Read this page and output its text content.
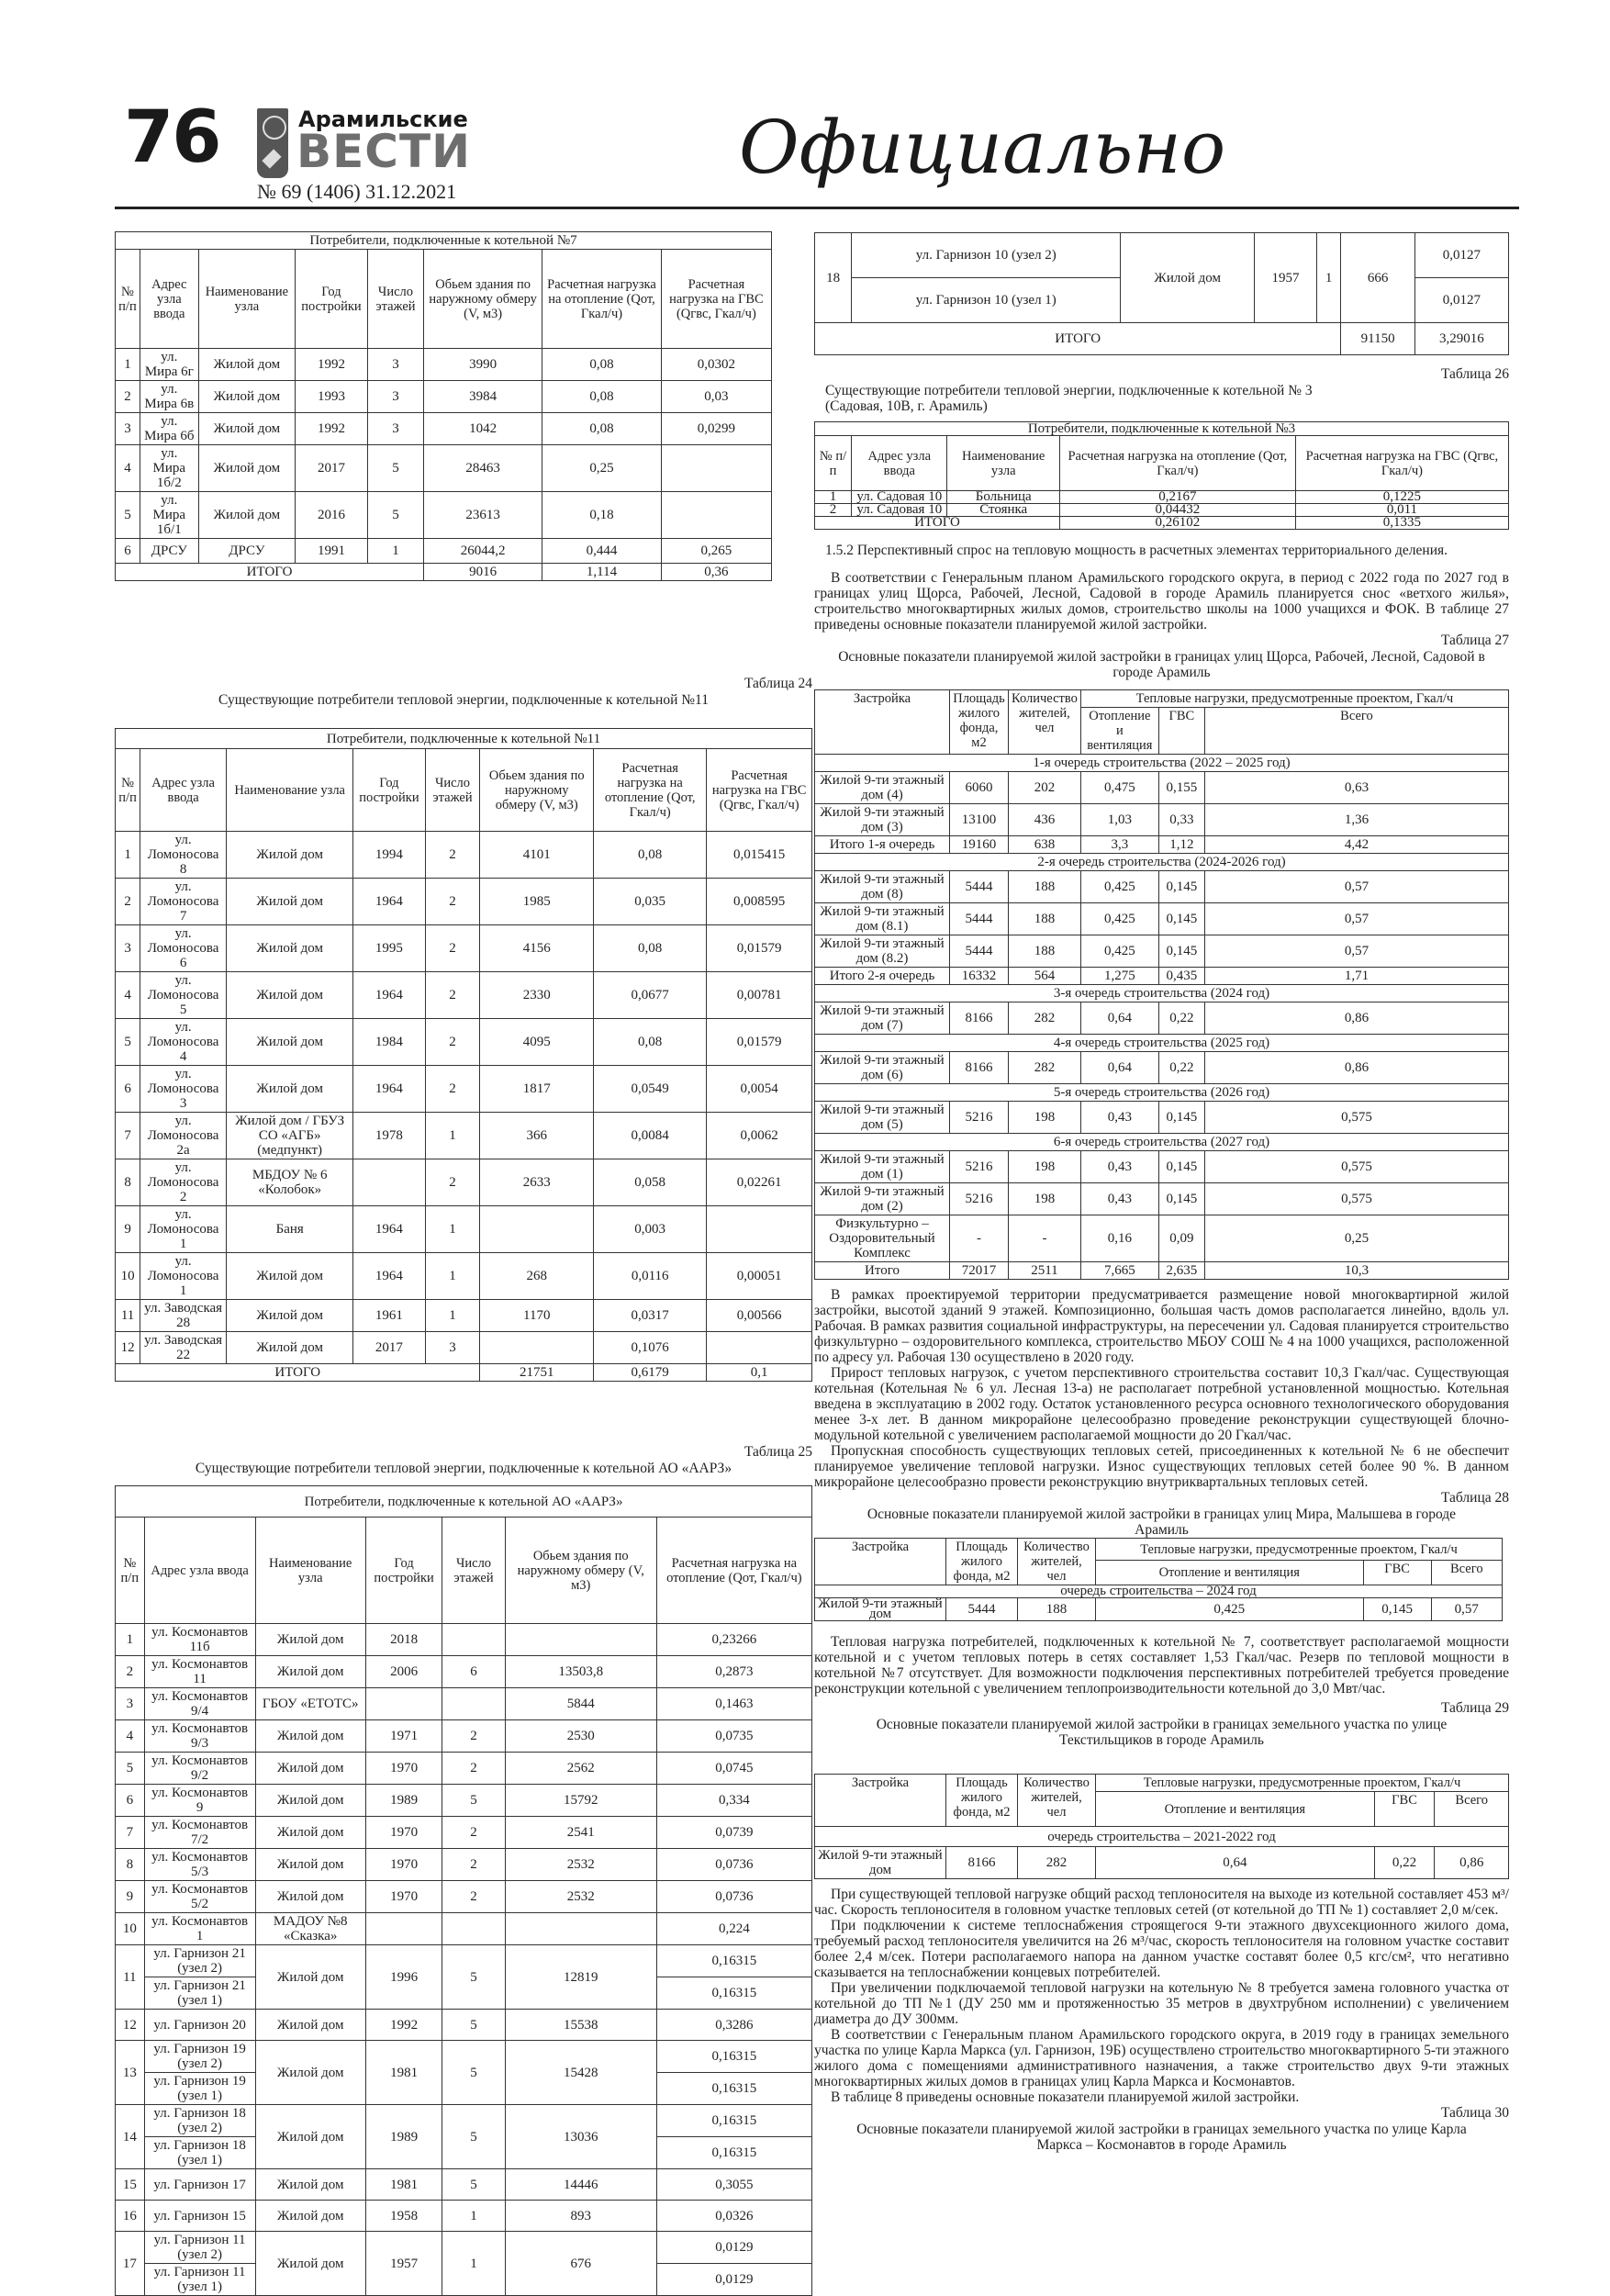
76	Арамильские
ВЕСТИ
№ 69 (1406) 31.12.2021
Официально
Потребители, подключенные к котельной №7							
№ п/п	Адрес узла ввода	Наименование узла	Год постройки	Число этажей	Обьем здания по наружному обмеру (V, м3)	Расчетная нагрузка на отопление (Qот, Гкал/ч)	Расчетная нагрузка на ГВС (Qгвс, Гкал/ч)
1	ул. Мира 6г	Жилой дом	1992	3	3990	0,08	0,0302
2	ул. Мира 6в	Жилой дом	1993	3	3984	0,08	0,03
3	ул. Мира 6б	Жилой дом	1992	3	1042	0,08	0,0299
4	ул. Мира 1б/2	Жилой дом	2017	5	28463	0,25	
5	ул. Мира 1б/1	Жилой дом	2016	5	23613	0,18	
6	ДРСУ	ДРСУ	1991	1	26044,2	0,444	0,265
ИТОГО					9016	1,114	0,36
Таблица 24
Существующие потребители тепловой энергии, подключенные к котельной №11
Потребители, подключенные к котельной №11							
№ п/п	Адрес узла ввода	Наименование узла	Год постройки	Число этажей	Обьем здания по наружному обмеру (V, м3)	Расчетная нагрузка на отопление (Qот, Гкал/ч)	Расчетная нагрузка на ГВС (Qгвс, Гкал/ч)
1	ул. Ломоносова 8	Жилой дом	1994	2	4101	0,08	0,015415
2	ул. Ломоносова 7	Жилой дом	1964	2	1985	0,035	0,008595
3	ул. Ломоносова 6	Жилой дом	1995	2	4156	0,08	0,01579
4	ул. Ломоносова 5	Жилой дом	1964	2	2330	0,0677	0,00781
5	ул. Ломоносова 4	Жилой дом	1984	2	4095	0,08	0,01579
6	ул. Ломоносова 3	Жилой дом	1964	2	1817	0,0549	0,0054
7	ул. Ломоносова 2а	Жилой дом / ГБУЗ СО «АГБ» (медпункт)	1978	1	366	0,0084	0,0062
8	ул. Ломоносова 2	МБДОУ № 6 «Колобок»		2	2633	0,058	0,02261
9	ул. Ломоносова 1	Баня	1964	1		0,003	
10	ул. Ломоносова 1	Жилой дом	1964	1	268	0,0116	0,00051
11	ул. Заводская 28	Жилой дом	1961	1	1170	0,0317	0,00566
12	ул. Заводская 22	Жилой дом	2017	3		0,1076	
ИТОГО					21751	0,6179	0,1
Таблица 25
Существующие потребители тепловой энергии, подключенные к котельной АО «ААРЗ»
Потребители, подключенные к котельной АО «ААРЗ»						
№ п/п	Адрес узла ввода	Наименование узла	Год постройки	Число этажей	Обьем здания по наружному обмеру (V, м3)	Расчетная нагрузка на отопление (Qот, Гкал/ч)
1	ул. Космонавтов 11б	Жилой дом	2018			0,23266
2	ул. Космонавтов 11	Жилой дом	2006	6	13503,8	0,2873
3	ул. Космонавтов 9/4	ГБОУ «ЕТОТС»			5844	0,1463
4	ул. Космонавтов 9/3	Жилой дом	1971	2	2530	0,0735
5	ул. Космонавтов 9/2	Жилой дом	1970	2	2562	0,0745
6	ул. Космонавтов 9	Жилой дом	1989	5	15792	0,334
7	ул. Космонавтов 7/2	Жилой дом	1970	2	2541	0,0739
8	ул. Космонавтов 5/3	Жилой дом	1970	2	2532	0,0736
9	ул. Космонавтов 5/2	Жилой дом	1970	2	2532	0,0736
10	ул. Космонавтов 1	МАДОУ №8 «Сказка»				0,224
11	ул. Гарнизон 21 (узел 2)	Жилой дом	1996	5	12819	0,16315
	ул. Гарнизон 21 (узел 1)					0,16315
12	ул. Гарнизон 20	Жилой дом	1992	5	15538	0,3286
13	ул. Гарнизон 19 (узел 2)	Жилой дом	1981	5	15428	0,16315
	ул. Гарнизон 19 (узел 1)					0,16315
14	ул. Гарнизон 18 (узел 2)	Жилой дом	1989	5	13036	0,16315
	ул. Гарнизон 18 (узел 1)					0,16315
15	ул. Гарнизон 17	Жилой дом	1981	5	14446	0,3055
16	ул. Гарнизон 15	Жилой дом	1958	1	893	0,0326
17	ул. Гарнизон 11 (узел 2)	Жилой дом	1957	1	676	0,0129
	ул. Гарнизон 11 (узел 1)					0,0129
18	ул. Гарнизон 10 (узел 2)	Жилой дом	1957	1	666	0,0127
	ул. Гарнизон 10 (узел 1)					0,0127
ИТОГО					91150	3,29016
Таблица 26
Существующие потребители тепловой энергии, подключенные к котельной № 3 (Садовая, 10В, г. Арамиль)
Потребители, подключенные к котельной №3				
№ п/п	Адрес узла ввода	Наименование узла	Расчетная нагрузка на отопление (Qот, Гкал/ч)	Расчетная нагрузка на ГВС (Qгвс, Гкал/ч)
1	ул. Садовая 10	Больница	0,2167	0,1225
2	ул. Садовая 10	Стоянка	0,04432	0,011
ИТОГО			0,26102	0,1335
1.5.2 Перспективный спрос на тепловую мощность в расчетных элементах территориального деления.

В соответствии с Генеральным планом Арамильского городского округа, в период с 2022 года по 2027 год в границах улиц Щорса, Рабочей, Лесной, Садовой в городе Арамиль планируется снос «ветхого жилья», строительство многоквартирных жилых домов, строительство школы на 1000 учащихся и ФОК. В таблице 27 приведены основные показатели планируемой жилой застройки.

Таблица 27
Основные показатели планируемой жилой застройки в границах улиц Щорса, Рабочей, Лесной, Садовой в городе Арамиль
Застройка	Площадь жилого фонда, м2	Количество жителей, чел	Тепловые нагрузки, предусмотренные проектом, Гкал/ч		
			Отопление и вентиляция	ГВС	Всего
1-я очередь строительства (2022 – 2025 год)					
Жилой 9-ти этажный дом (4)	6060	202	0,475	0,155	0,63
Жилой 9-ти этажный дом (3)	13100	436	1,03	0,33	1,36
Итого 1-я очередь	19160	638	3,3	1,12	4,42
2-я очередь строительства (2024-2026 год)					
Жилой 9-ти этажный дом (8)	5444	188	0,425	0,145	0,57
Жилой 9-ти этажный дом (8.1)	5444	188	0,425	0,145	0,57
Жилой 9-ти этажный дом (8.2)	5444	188	0,425	0,145	0,57
Итого 2-я очередь	16332	564	1,275	0,435	1,71
3-я очередь строительства (2024 год)					
Жилой 9-ти этажный дом (7)	8166	282	0,64	0,22	0,86
4-я очередь строительства (2025 год)					
Жилой 9-ти этажный дом (6)	8166	282	0,64	0,22	0,86
5-я очередь строительства (2026 год)					
Жилой 9-ти этажный дом (5)	5216	198	0,43	0,145	0,575
6-я очередь строительства (2027 год)					
Жилой 9-ти этажный дом (1)	5216	198	0,43	0,145	0,575
Жилой 9-ти этажный дом (2)	5216	198	0,43	0,145	0,575
Физкультурно – Оздоровительный Комплекс	-	-	0,16	0,09	0,25
Итого	72017	2511	7,665	2,635	10,3

В рамках проектируемой территории предусматривается размещение новой многоквартирной жилой застройки, высотой зданий 9 этажей. Композиционно, большая часть домов располагается линейно, вдоль ул. Рабочая. В рамках развития социальной инфраструктуры, на пересечении ул. Садовая планируется строительство физкультурно – оздоровительного комплекса, строительство МБОУ СОШ № 4 на 1000 учащихся, расположенной по адресу ул. Рабочая 130 осуществлено в 2020 году.

Прирост тепловых нагрузок, с учетом перспективного строительства составит 10,3 Гкал/час. Существующая котельная (Котельная № 6 ул. Лесная 13-а) не располагает потребной установленной мощностью. Котельная введена в эксплуатацию в 2002 году. Остаток установленного ресурса основного технологического оборудования менее 3-х лет. В данном микрорайоне целесообразно проведение реконструкции существующей блочно-модульной котельной с увеличением располагаемой мощности до 20 Гкал/час.

Пропускная способность существующих тепловых сетей, присоединенных к котельной № 6 не обеспечит планируемое увеличение тепловой нагрузки. Износ существующих тепловых сетей более 90 %. В данном микрорайоне целесообразно провести реконструкцию внутриквартальных тепловых сетей.

Таблица 28
Основные показатели планируемой жилой застройки в границах улиц Мира, Малышева в городе Арамиль
Застройка	Площадь жилого фонда, м2	Количество жителей, чел	Тепловые нагрузки, предусмотренные проектом, Гкал/ч		
			Отопление и вентиляция	ГВС	Всего
очередь строительства – 2024 год					
Жилой 9-ти этажный дом	5444	188	0,425	0,145	0,57

Тепловая нагрузка потребителей, подключенных к котельной № 7, соответствует располагаемой мощности котельной и с учетом тепловых потерь в сетях составляет 1,53 Гкал/час. Резерв по тепловой мощности в котельной №7 отсутствует. Для возможности подключения перспективных потребителей требуется проведение реконструкции котельной с увеличением теплопроизводительности котельной до 3,0 Мвт/час.

Таблица 29
Основные показатели планируемой жилой застройки в границах земельного участка по улице Текстильщиков в городе Арамиль
Застройка	Площадь жилого фонда, м2	Количество жителей, чел	Тепловые нагрузки, предусмотренные проектом, Гкал/ч		
			Отопление и вентиляция	ГВС	Всего
очередь строительства – 2021-2022 год					
Жилой 9-ти этажный дом	8166	282	0,64	0,22	0,86

При существующей тепловой нагрузке общий расход теплоносителя на выходе из котельной составляет 453 м³/час. Скорость теплоносителя в головном участке тепловых сетей (от котельной до ТП № 1) составляет 2,0 м/сек.

При подключении к системе теплоснабжения строящегося 9-ти этажного двухсекционного жилого дома, требуемый расход теплоносителя увеличится на 26 м³/час, скорость теплоносителя на головном участке составит более 2,4 м/сек. Потери располагаемого напора на данном участке составят более 0,5 кгс/см², что негативно сказывается на теплоснабжении концевых потребителей.

При увеличении подключаемой тепловой нагрузки на котельную № 8 требуется замена головного участка от котельной до ТП №1 (ДУ 250 мм и протяженностью 35 метров в двухтрубном исполнении) с увеличением диаметра до ДУ 300мм.

В соответствии с Генеральным планом Арамильского городского округа, в 2019 году в границах земельного участка по улице Карла Маркса (ул. Гарнизон, 19Б) осуществлено строительство многоквартирного 5-ти этажного жилого дома с помещениями административного назначения, а также строительство двух 9-ти этажных многоквартирных жилых домов в границах улиц Карла Маркса и Космонавтов.

В таблице 8 приведены основные показатели планируемой жилой застройки.

Таблица 30
Основные показатели планируемой жилой застройки в границах земельного участка по улице Карла Маркса – Космонавтов в городе Арамиль
